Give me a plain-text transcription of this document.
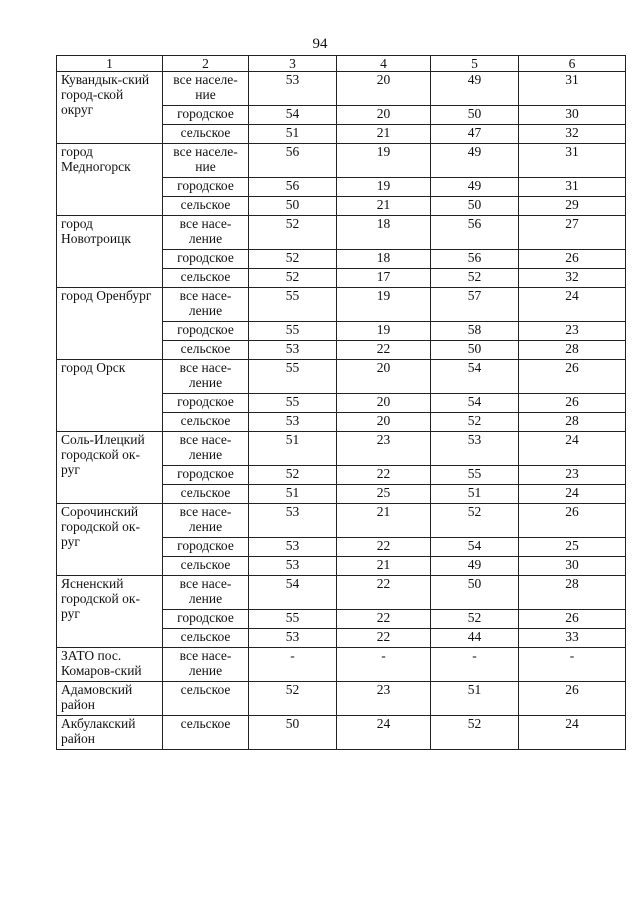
94
1	2	3	4	5	6
Кувандык-ский город-ской округ	все населе-ние	53	20	49	31
	городское	54	20	50	30
	сельское	51	21	47	32
город Медногорск	все населе-ние	56	19	49	31
	городское	56	19	49	31
	сельское	50	21	50	29
город Новотроицк	все насе-ление	52	18	56	27
	городское	52	18	56	26
	сельское	52	17	52	32
город Оренбург	все насе-ление	55	19	57	24
	городское	55	19	58	23
	сельское	53	22	50	28
город Орск	все насе-ление	55	20	54	26
	городское	55	20	54	26
	сельское	53	20	52	28
Соль-Илецкий городской ок-руг	все насе-ление	51	23	53	24
	городское	52	22	55	23
	сельское	51	25	51	24
Сорочинский городской ок-руг	все насе-ление	53	21	52	26
	городское	53	22	54	25
	сельское	53	21	49	30
Ясненский городской ок-руг	все насе-ление	54	22	50	28
	городское	55	22	52	26
	сельское	53	22	44	33
ЗАТО пос. Комаров-ский	все насе-ление	-	-	-	-
Адамовский район	сельское	52	23	51	26
Акбулакский район	сельское	50	24	52	24
